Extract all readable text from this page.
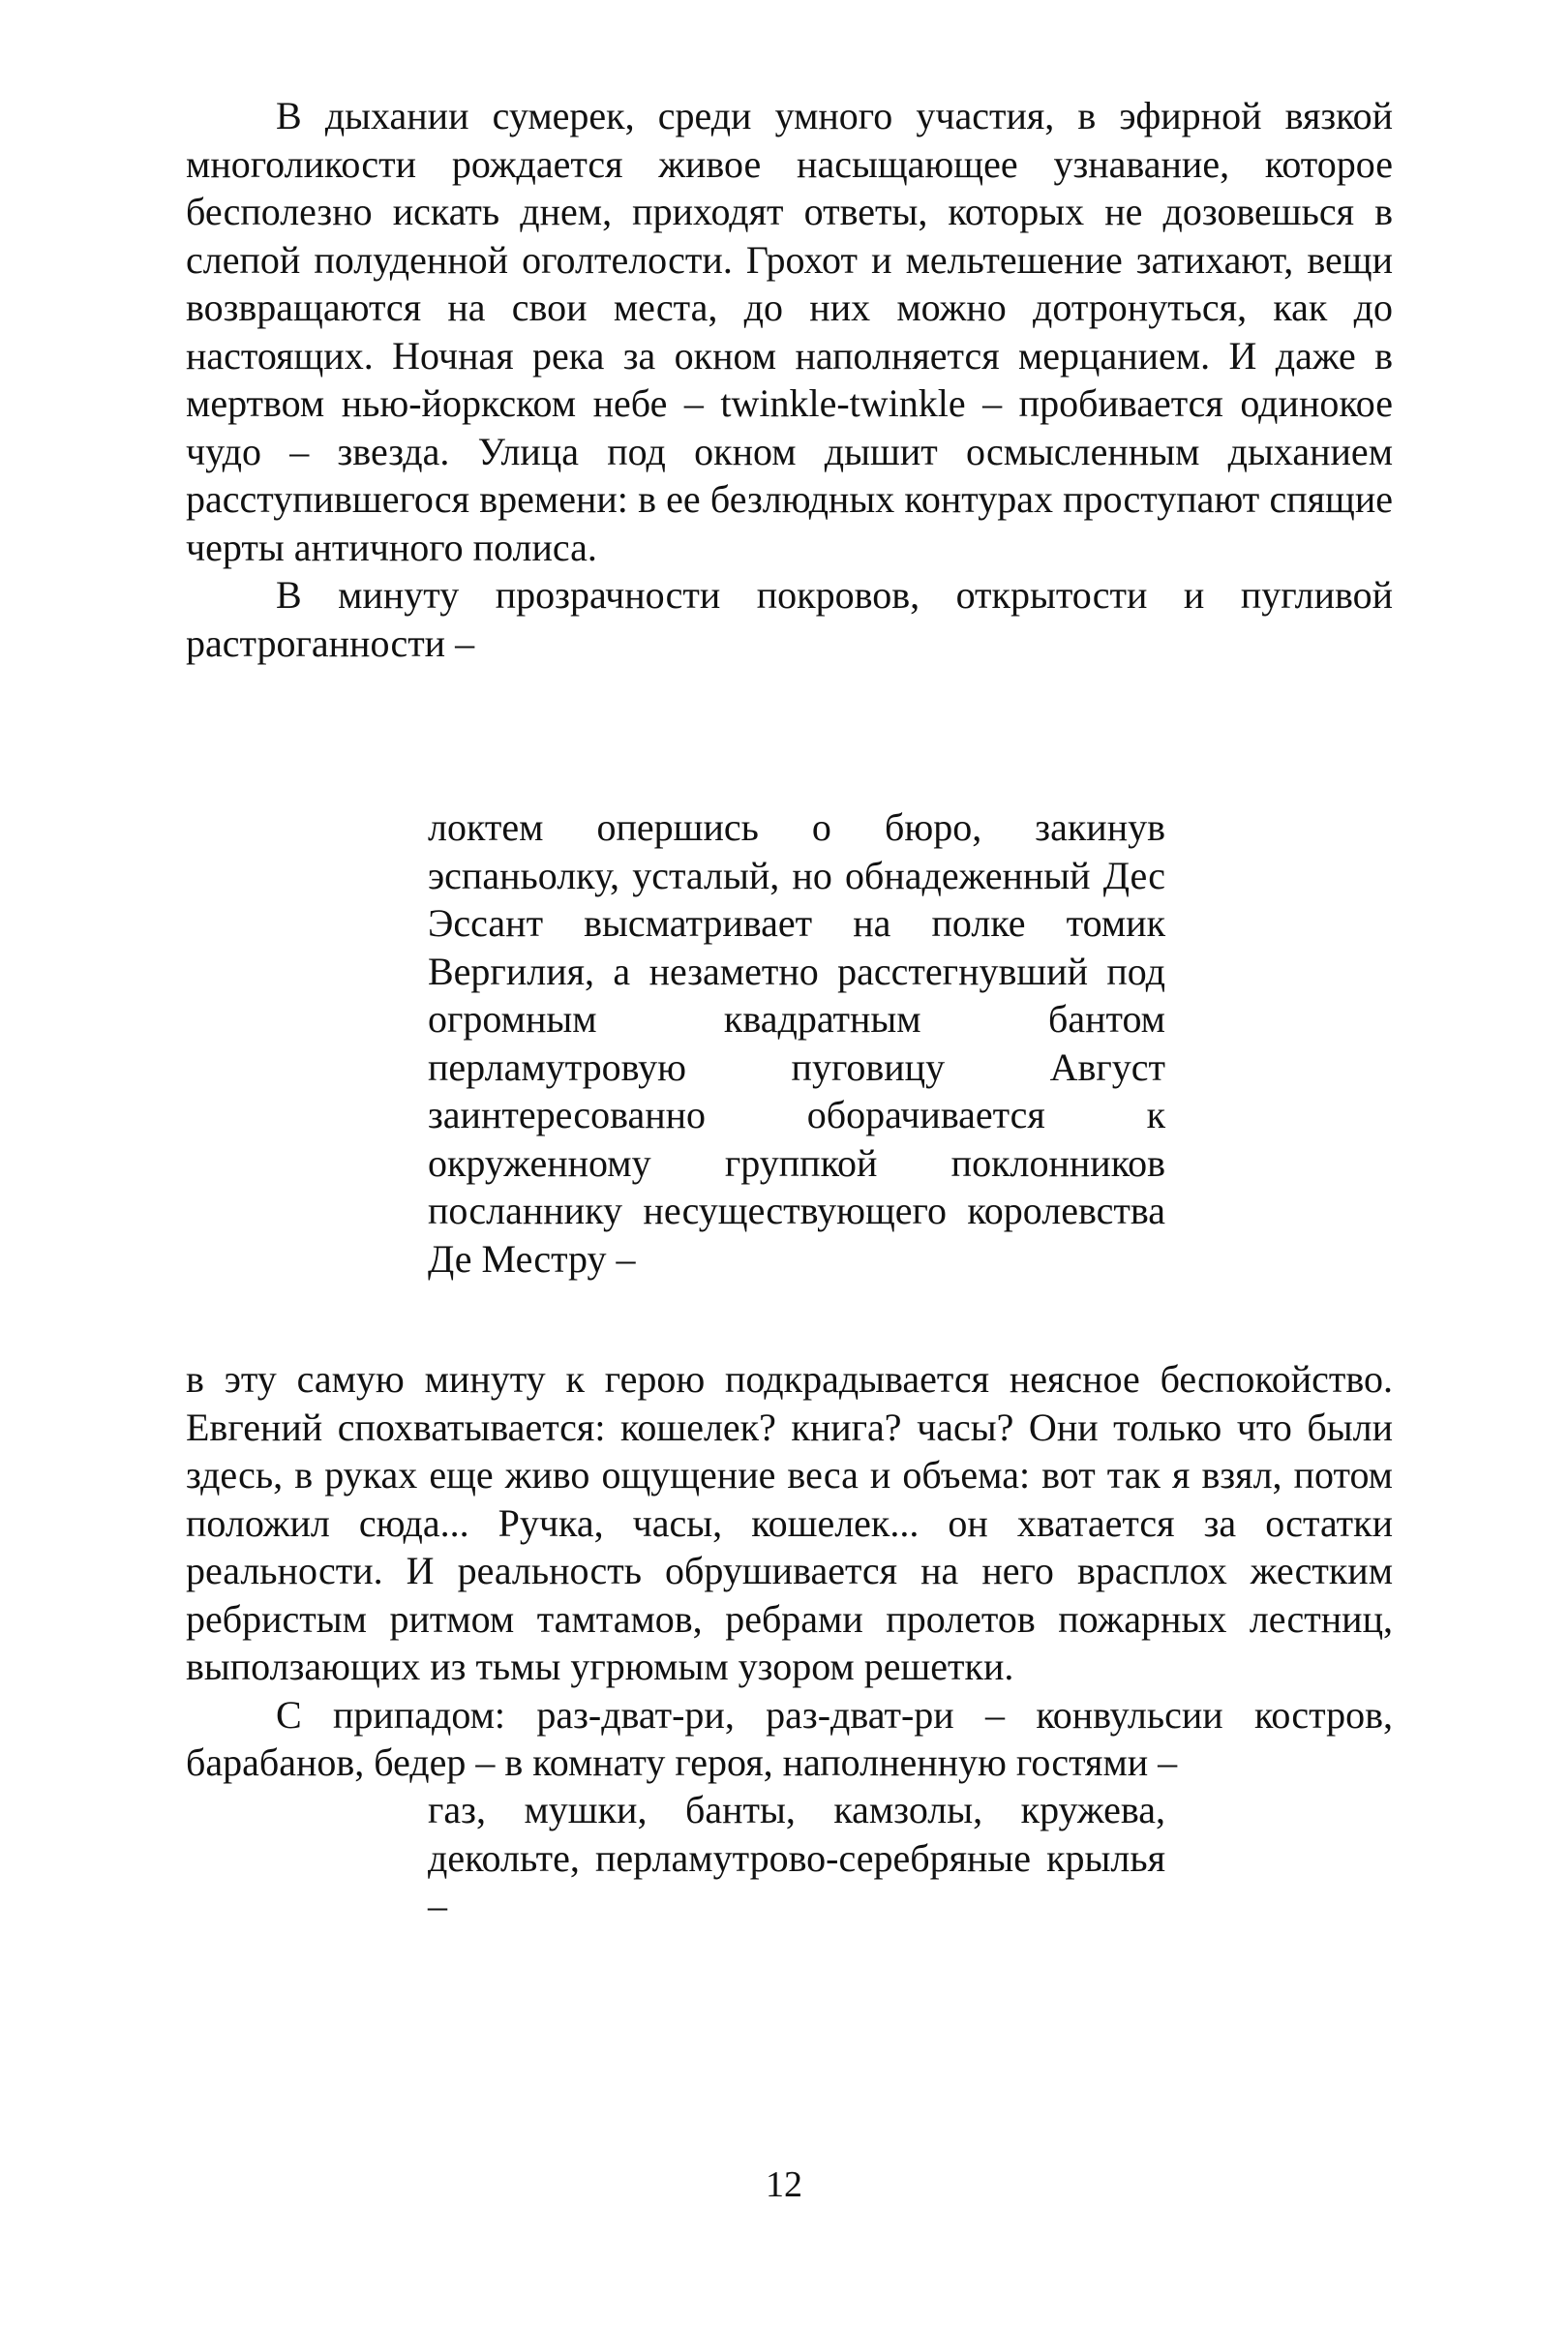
В дыхании сумерек, среди умного участия, в эфирной вязкой многоликости рождается живое насыщающее узнавание, которое бесполезно искать днем, приходят ответы, которых не дозовешься в слепой полуденной оголтелости. Грохот и мельтешение затихают, вещи возвращаются на свои места, до них можно дотронуться, как до настоящих. Ночная река за окном наполняется мерцанием. И даже в мертвом нью-йоркском небе – twinkle-twinkle – пробивается одинокое чудо – звезда. Улица под окном дышит осмысленным дыханием расступившегося времени: в ее безлюдных контурах проступают спящие черты античного полиса.

В минуту прозрачности покровов, открытости и пугливой растроганности –

локтем опершись о бюро, закинув эспаньолку, усталый, но обнадеженный Дес Эссант высматривает на полке томик Вергилия, а незаметно расстегнувший под огромным квадратным бантом перламутровую пуговицу Август заинтересованно оборачивается к окруженному группкой поклонников посланнику несуществующего королевства Де Местру –

в эту самую минуту к герою подкрадывается неясное беспокойство. Евгений спохватывается: кошелек? книга? часы? Они только что были здесь, в руках еще живо ощущение веса и объема: вот так я взял, потом положил сюда... Ручка, часы, кошелек... он хватается за остатки реальности. И реальность обрушивается на него врасплох жестким ребристым ритмом тамтамов, ребрами пролетов пожарных лестниц, выползающих из тьмы угрюмым узором решетки.

С припадом: раз-дват-ри, раз-дват-ри – конвульсии костров, барабанов, бедер – в комнату героя, наполненную гостями –

газ, мушки, банты, камзолы, кружева, декольте, перламутрово-серебряные крылья –

12
